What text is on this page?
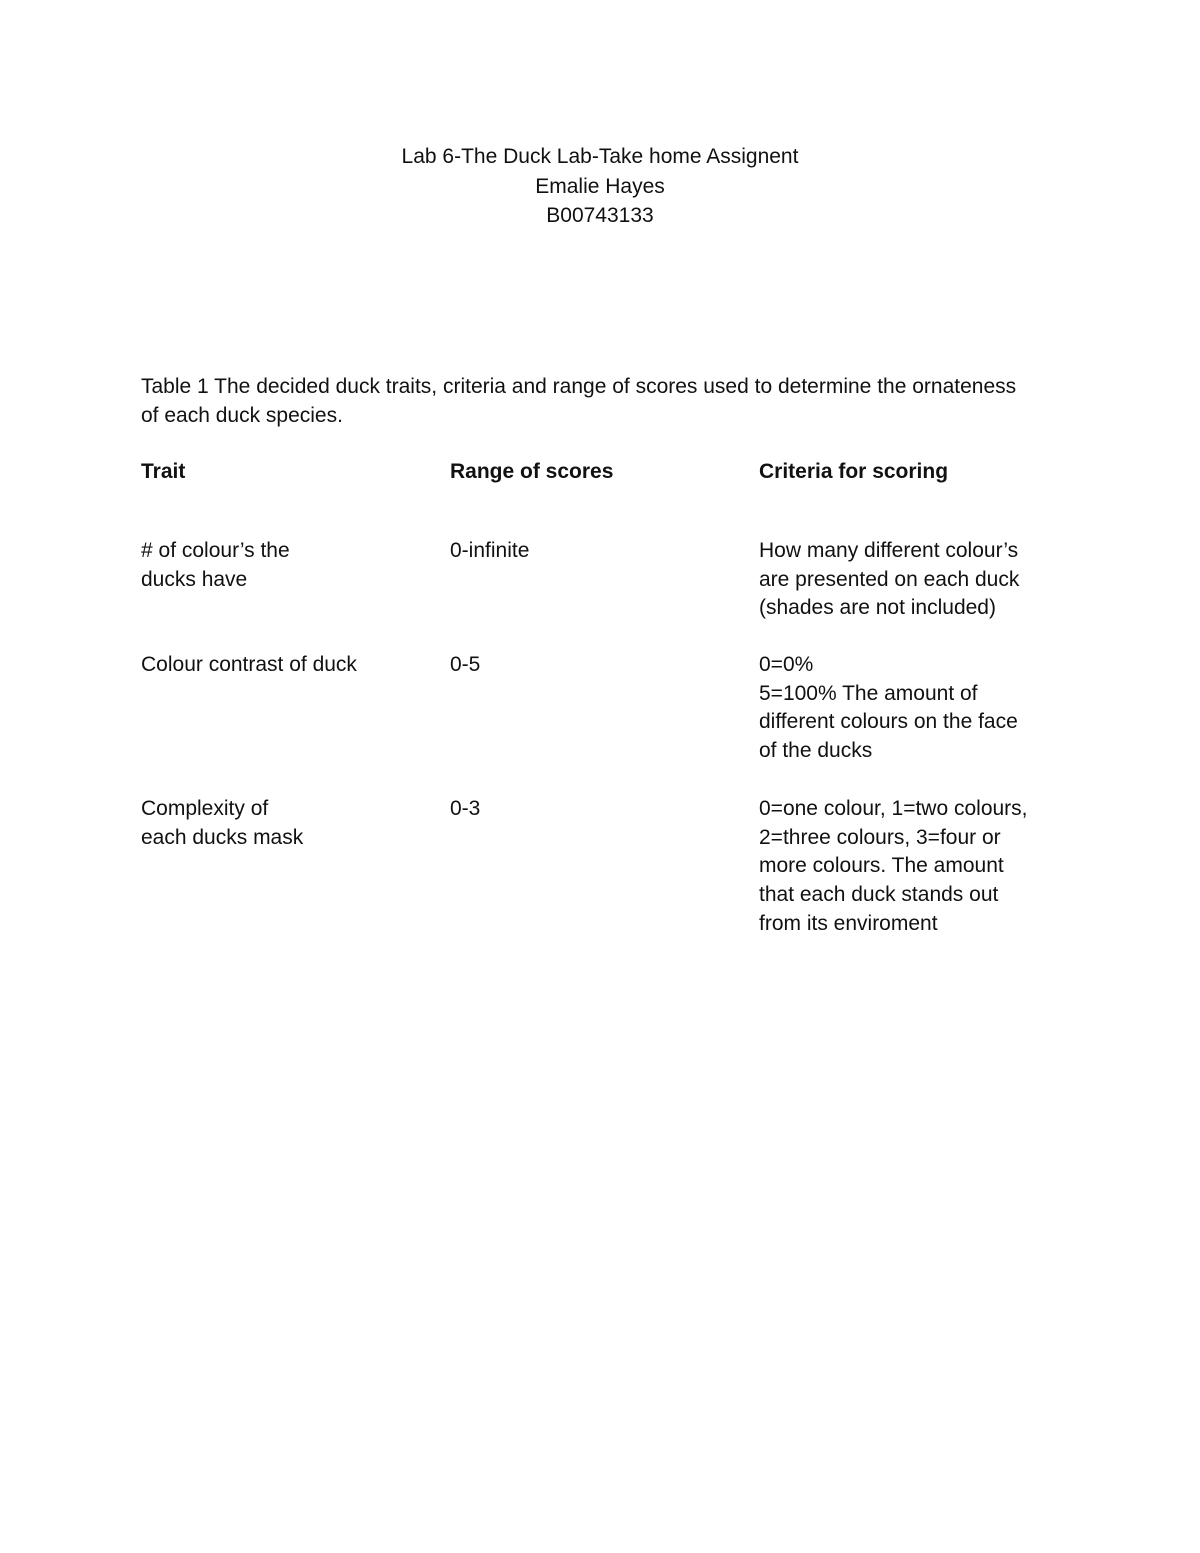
Lab 6-The Duck Lab-Take home Assignent
Emalie Hayes
B00743133
Table 1 The decided duck traits, criteria and range of scores used to determine the ornateness
of each duck species.
Trait
# of colour’s the
ducks have
Colour contrast of duck
Complexity of
each ducks mask
Range of scores
0-infinite
0-5
0-3
Criteria for scoring
How many different colour’s
are presented on each duck
(shades are not included)
0=0%
5=100% The amount of
different colours on the face
of the ducks
0=one colour, 1=two colours,
2=three colours, 3=four or
more colours. The amount
that each duck stands out
from its enviroment
